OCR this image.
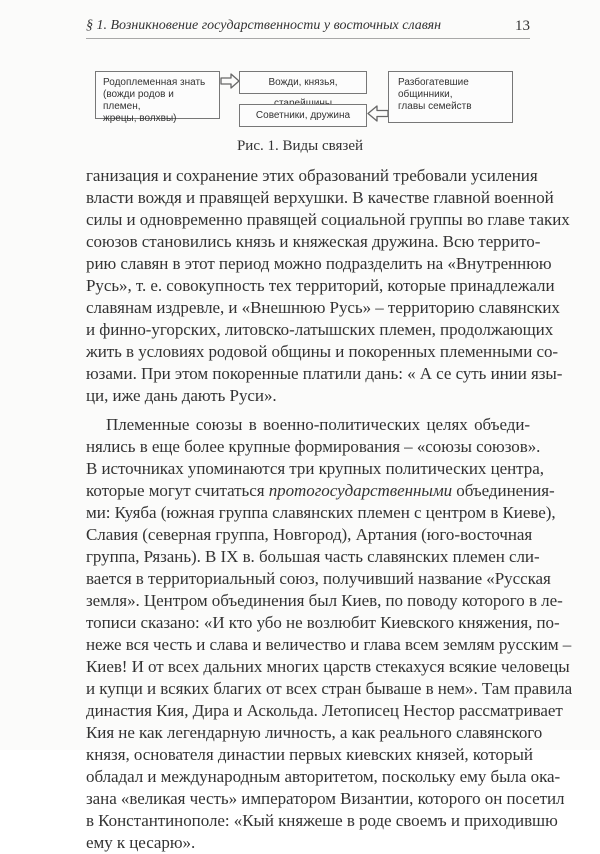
§ 1. Возникновение государственности у восточных славян	13
Родоплеменная знать
(вожди родов и племен,
жрецы, волхвы)
Вожди, князья,
Советники, дружина
Разбогатевшие
общинники,
главы семейств
Рис. 1. Виды связей
ганизация и сохранение этих образований требовали усиления
власти вождя и правящей верхушки. В качестве главной военной
силы и одновременно правящей социальной группы во главе таких
союзов становились князь и княжеская дружина. Всю террито-
рию славян в этот период можно подразделить на «Внутреннюю
Русь», т. е. совокупность тех территорий, которые принадлежали
славянам издревле, и «Внешнюю Русь» – территорию славянских
и финно-угорских, литовско-латышских племен, продолжающих
жить в условиях родовой общины и покоренных племенными со-
юзами. При этом покоренные платили дань: « А се суть инии язы-
ци, иже дань дають Руси».
Племенные союзы в военно-политических целях объеди-
нялись в еще более крупные формирования – «союзы союзов».
В источниках упоминаются три крупных политических центра,
которые могут считаться протогосударственными объединения-
ми: Куяба (южная группа славянских племен с центром в Киеве),
Славия (северная группа, Новгород), Артания (юго-восточная
группа, Рязань). В IX в. большая часть славянских племен сли-
вается в территориальный союз, получивший название «Русская
земля». Центром объединения был Киев, по поводу которого в ле-
тописи сказано: «И кто убо не возлюбит Киевского княжения, по-
неже вся честь и слава и величество и глава всем землям русским –
Киев! И от всех дальних многих царств стекахуся всякие человецы
и купци и всяких благих от всех стран бываше в нем». Там правила
династия Кия, Дира и Аскольда. Летописец Нестор рассматривает
Кия не как легендарную личность, а как реального славянского
князя, основателя династии первых киевских князей, который
обладал и международным авторитетом, поскольку ему была ока-
зана «великая честь» императором Византии, которого он посетил
в Константинополе: «Кый княжеше в роде своемъ и приходившю
ему к цесарю».
